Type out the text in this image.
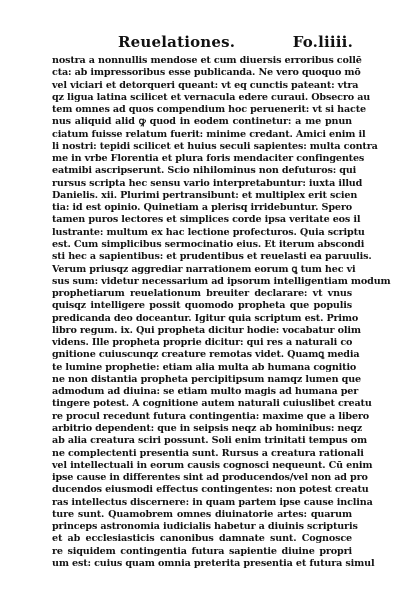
Reuelationes.	Fo.liiii.
nostra a nonnullis mendose et cum diuersis erroribus collē
cta: ab impressoribus esse publicanda. Ne vero quoquo mō
vel viciari et detorqueri queant: vt eq cunctis pateant: vtra
qz ligua latina scilicet et vernacula edere curaui. Obsecro au
tem omnes ad quos compendium hoc peruenerit: vt si hacte
nus aliquid alid ꝙ quod in eodem continetur: a me pnun
ciatum fuisse relatum fuerit: minime credant. Amici enim il
li nostri: tepidi scilicet et huius seculi sapientes: multa contra
me in vrbe Florentia et plura foris mendaciter confingentes
eatmibi ascripserunt. Scio nihilominus non defuturos: qui
rursus scripta hec sensu vario interpretabuntur: iuxta illud
Danielis. xii. Plurimi pertransibunt: et multiplex erit scien
tia: id est opinio. Quinetiam a plerisq irridebuntur. Spero
tamen puros lectores et simplices corde ipsa veritate eos il
lustrante: multum ex hac lectione profecturos. Quia scriptu
est. Cum simplicibus sermocinatio eius. Et iterum abscondi
sti hec a sapientibus: et prudentibus et reuelasti ea paruulis.
Verum priusqz aggrediar narrationem eorum ꝗ tum hec vi
sus sum: videtur necessarium ad ipsorum intelligentiam modum
prophetiarum reuelationum breuiter declarare: vt vnus
quisqz intelligere possit quomodo propheta que populis
predicanda deo doceantur. Igitur quia scriptum est. Primo
libro regum. ix. Qui propheta dicitur hodie: vocabatur olim
videns. Ille propheta proprie dicitur: qui res a naturali co
gnitione cuiuscunqz creature remotas videt. Quamꝗ media
te lumine prophetie: etiam alia multa ab humana cognitio
ne non distantia propheta percipitipsum namqz lumen que
admodum ad diuina: se etiam multo magis ad humana per
tingere potest. A cognitione autem naturali cuiuslibet creatu
re procul recedunt futura contingentia: maxime que a libero
arbitrio dependent: que in seipsis neqz ab hominibus: neqz
ab alia creatura sciri possunt. Soli enim trinitati tempus om
ne complectenti presentia sunt. Rursus a creatura rationali
vel intellectuali in eorum causis cognosci nequeunt. Cū enim
ipse cause in differentes sint ad producendos/vel non ad pro
ducendos eiusmodi effectus contingentes: non potest creatu
ras intellectus discernere: in quam partem ipse cause inclina
ture sunt. Quamobrem omnes diuinatorie artes: quarum
princeps astronomia iudicialis habetur a diuinis scripturis
et ab ecclesiasticis canonibus damnate sunt. Cognosce
re siquidem contingentia futura sapientie diuine propri
um est: cuius quam omnia preterita presentia et futura simul
